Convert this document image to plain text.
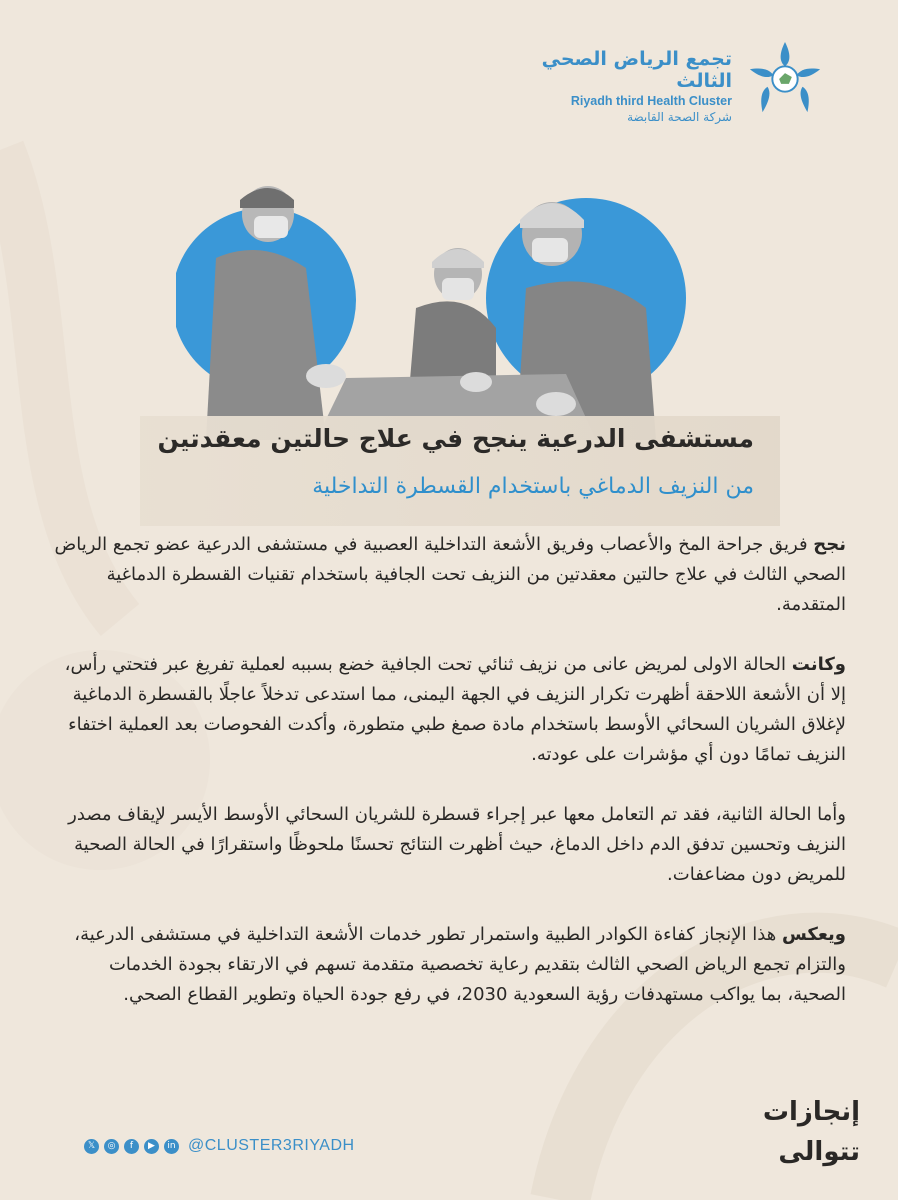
تجمع الرياض الصحي الثالث
Riyadh third Health Cluster
شركة الصحة القابضة
مستشفى الدرعية ينجح في علاج حالتين معقدتين
من النزيف الدماغي باستخدام القسطرة التداخلية

نجح فريق جراحة المخ والأعصاب وفريق الأشعة التداخلية العصبية في مستشفى الدرعية عضو تجمع الرياض الصحي الثالث في علاج حالتين معقدتين من النزيف تحت الجافية باستخدام تقنيات القسطرة الدماغية المتقدمة.

وكانت الحالة الاولى لمريض عانى من نزيف ثنائي تحت الجافية خضع بسببه لعملية تفريغ عبر فتحتي رأس، إلا أن الأشعة اللاحقة أظهرت تكرار النزيف في الجهة اليمنى، مما استدعى تدخلاً عاجلًا بالقسطرة الدماغية لإغلاق الشريان السحائي الأوسط باستخدام مادة صمغ طبي متطورة، وأكدت الفحوصات بعد العملية اختفاء النزيف تمامًا دون أي مؤشرات على عودته.

وأما الحالة الثانية، فقد تم التعامل معها عبر إجراء قسطرة للشريان السحائي الأوسط الأيسر لإيقاف مصدر النزيف وتحسين تدفق الدم داخل الدماغ، حيث أظهرت النتائج تحسنًا ملحوظًا واستقرارًا في الحالة الصحية للمريض دون مضاعفات.

ويعكس هذا الإنجاز كفاءة الكوادر الطبية واستمرار تطور خدمات الأشعة التداخلية في مستشفى الدرعية، والتزام تجمع الرياض الصحي الثالث بتقديم رعاية تخصصية متقدمة تسهم في الارتقاء بجودة الخدمات الصحية، بما يواكب مستهدفات رؤية السعودية 2030، في رفع جودة الحياة وتطوير القطاع الصحي.

إنجازات
تتوالى
𝕏	◎	f	▶	in @CLUSTER3RIYADH
